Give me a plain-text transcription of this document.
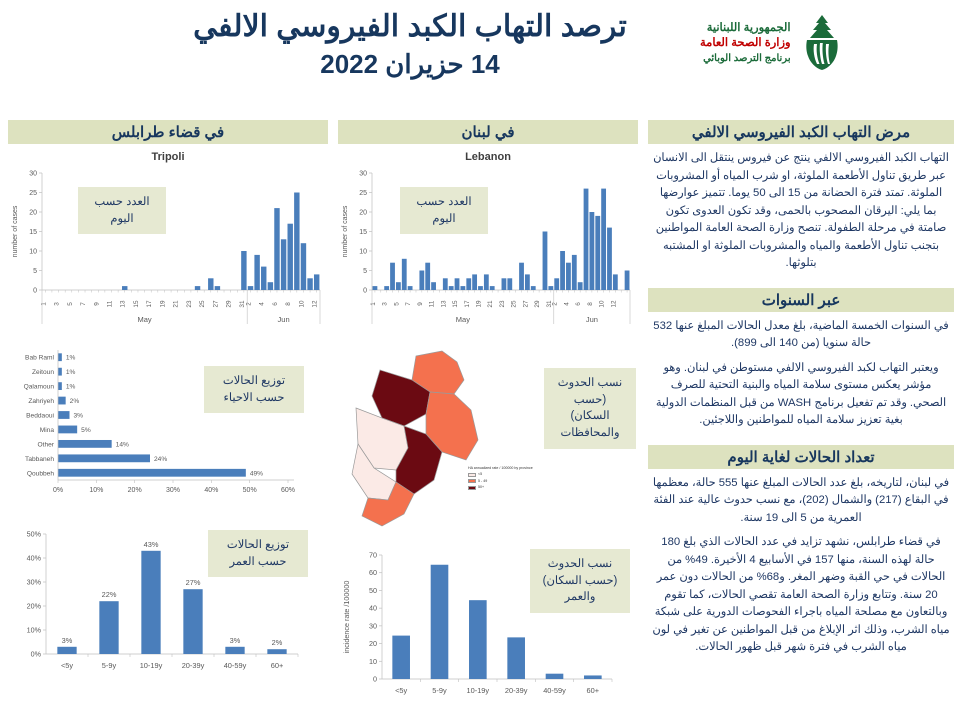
ترصد التهاب الكبد الفيروسي الالفي
14 حزيران 2022
الجمهورية اللبنانية
وزارة الصحة العامة
برنامج الترصد الوبائي
في قضاء طرابلس
Tripoli
0
5
10
15
20
25
30
1 3 5 7 9 11 13 15 17 19 21 23 25 27 29 31 2 4 6 8 10 12
May	Jun
number of cases
العدد حسب اليوم
Bab Raml 1%
Zeitoun 1%
Qalamoun 1%
Zahriyeh 2%
Beddaoui	3%
Mina	5%
Other	14%
Tabbaneh	24%
Qoubbeh	49%
0%	10%	20%	30%	40%	50%	60%
توزيع الحالات حسب الاحياء
0%
10%
20%
30%
40%
50%
3%
<5y
22%
5-9y
43%
10-19y
27%
20-39y
3%
40-59y
2%
60+
توزيع الحالات حسب العمر
في لبنان
Lebanon
0
5
10
15
20
25
30
1 3 5 7 9 11 13 15 17 19 21 23 25 27 29 31
2 4 6 8 10 12
May	Jun
number of cases
العدد حسب اليوم
HA annualized rate / 100000 by province
<5
5 - 49
50+
نسب الحدوث (حسب السكان) والمحافظات
0
10
20
30
40
50
60
70
<5y	5-9y	10-19y 20-39y 40-59y	60+
incidence rate /100000
نسب الحدوث (حسب السكان) والعمر
مرض التهاب الكبد الفيروسي الالفي

التهاب الكبد الفيروسي الالفي ينتج عن فيروس ينتقل الى الانسان عبر طريق تناول الأطعمة الملوثة، او شرب المياه أو المشروبات الملوثة. تمتد فترة الحضانة من 15 الى 50 يوما. تتميز عوارضها بما يلي: اليرقان المصحوب بالحمى، وقد تكون العدوى تكون صامتة في مرحلة الطفولة. تنصح وزارة الصحة العامة المواطنين بتجنب تناول الأطعمة والمياه والمشروبات الملوثة او المشتبه بتلوثها.

عبر السنوات

في السنوات الخمسة الماضية، بلغ معدل الحالات المبلغ عنها 532 حالة سنويا (من 140 الى 899).

ويعتبر التهاب لكبد الفيروسي الالفي مستوطن في لبنان. وهو مؤشر يعكس مستوى سلامة المياه والبنية التحتية للصرف الصحي. وقد تم تفعيل برنامج WASH من قبل المنظمات الدولية بغية تعزيز سلامة المياه للمواطنين واللاجئين.

تعداد الحالات لغاية اليوم

في لبنان، لتاريخه، بلغ عدد الحالات المبلغ عنها 555 حالة، معظمها في البقاع (217) والشمال (202)، مع نسب حدوث عالية عند الفئة العمرية من 5 الى 19 سنة.

في قضاء طرابلس، نشهد تزايد في عدد الحالات الذي بلغ 180 حالة لهذه السنة، منها 157 في الأسابيع 4 الأخيرة. 49% من الحالات في حي القبة وضهر المغر. و68% من الحالات دون عمر 20 سنة. وتتابع وزارة الصحة العامة تقصي الحالات، كما تقوم وبالتعاون مع مصلحة المياه باجراء الفحوصات الدورية على شبكة مياه الشرب، وذلك اثر الإبلاغ من قبل المواطنين عن تغير في لون مياه الشرب في فترة شهر قبل ظهور الحالات.
